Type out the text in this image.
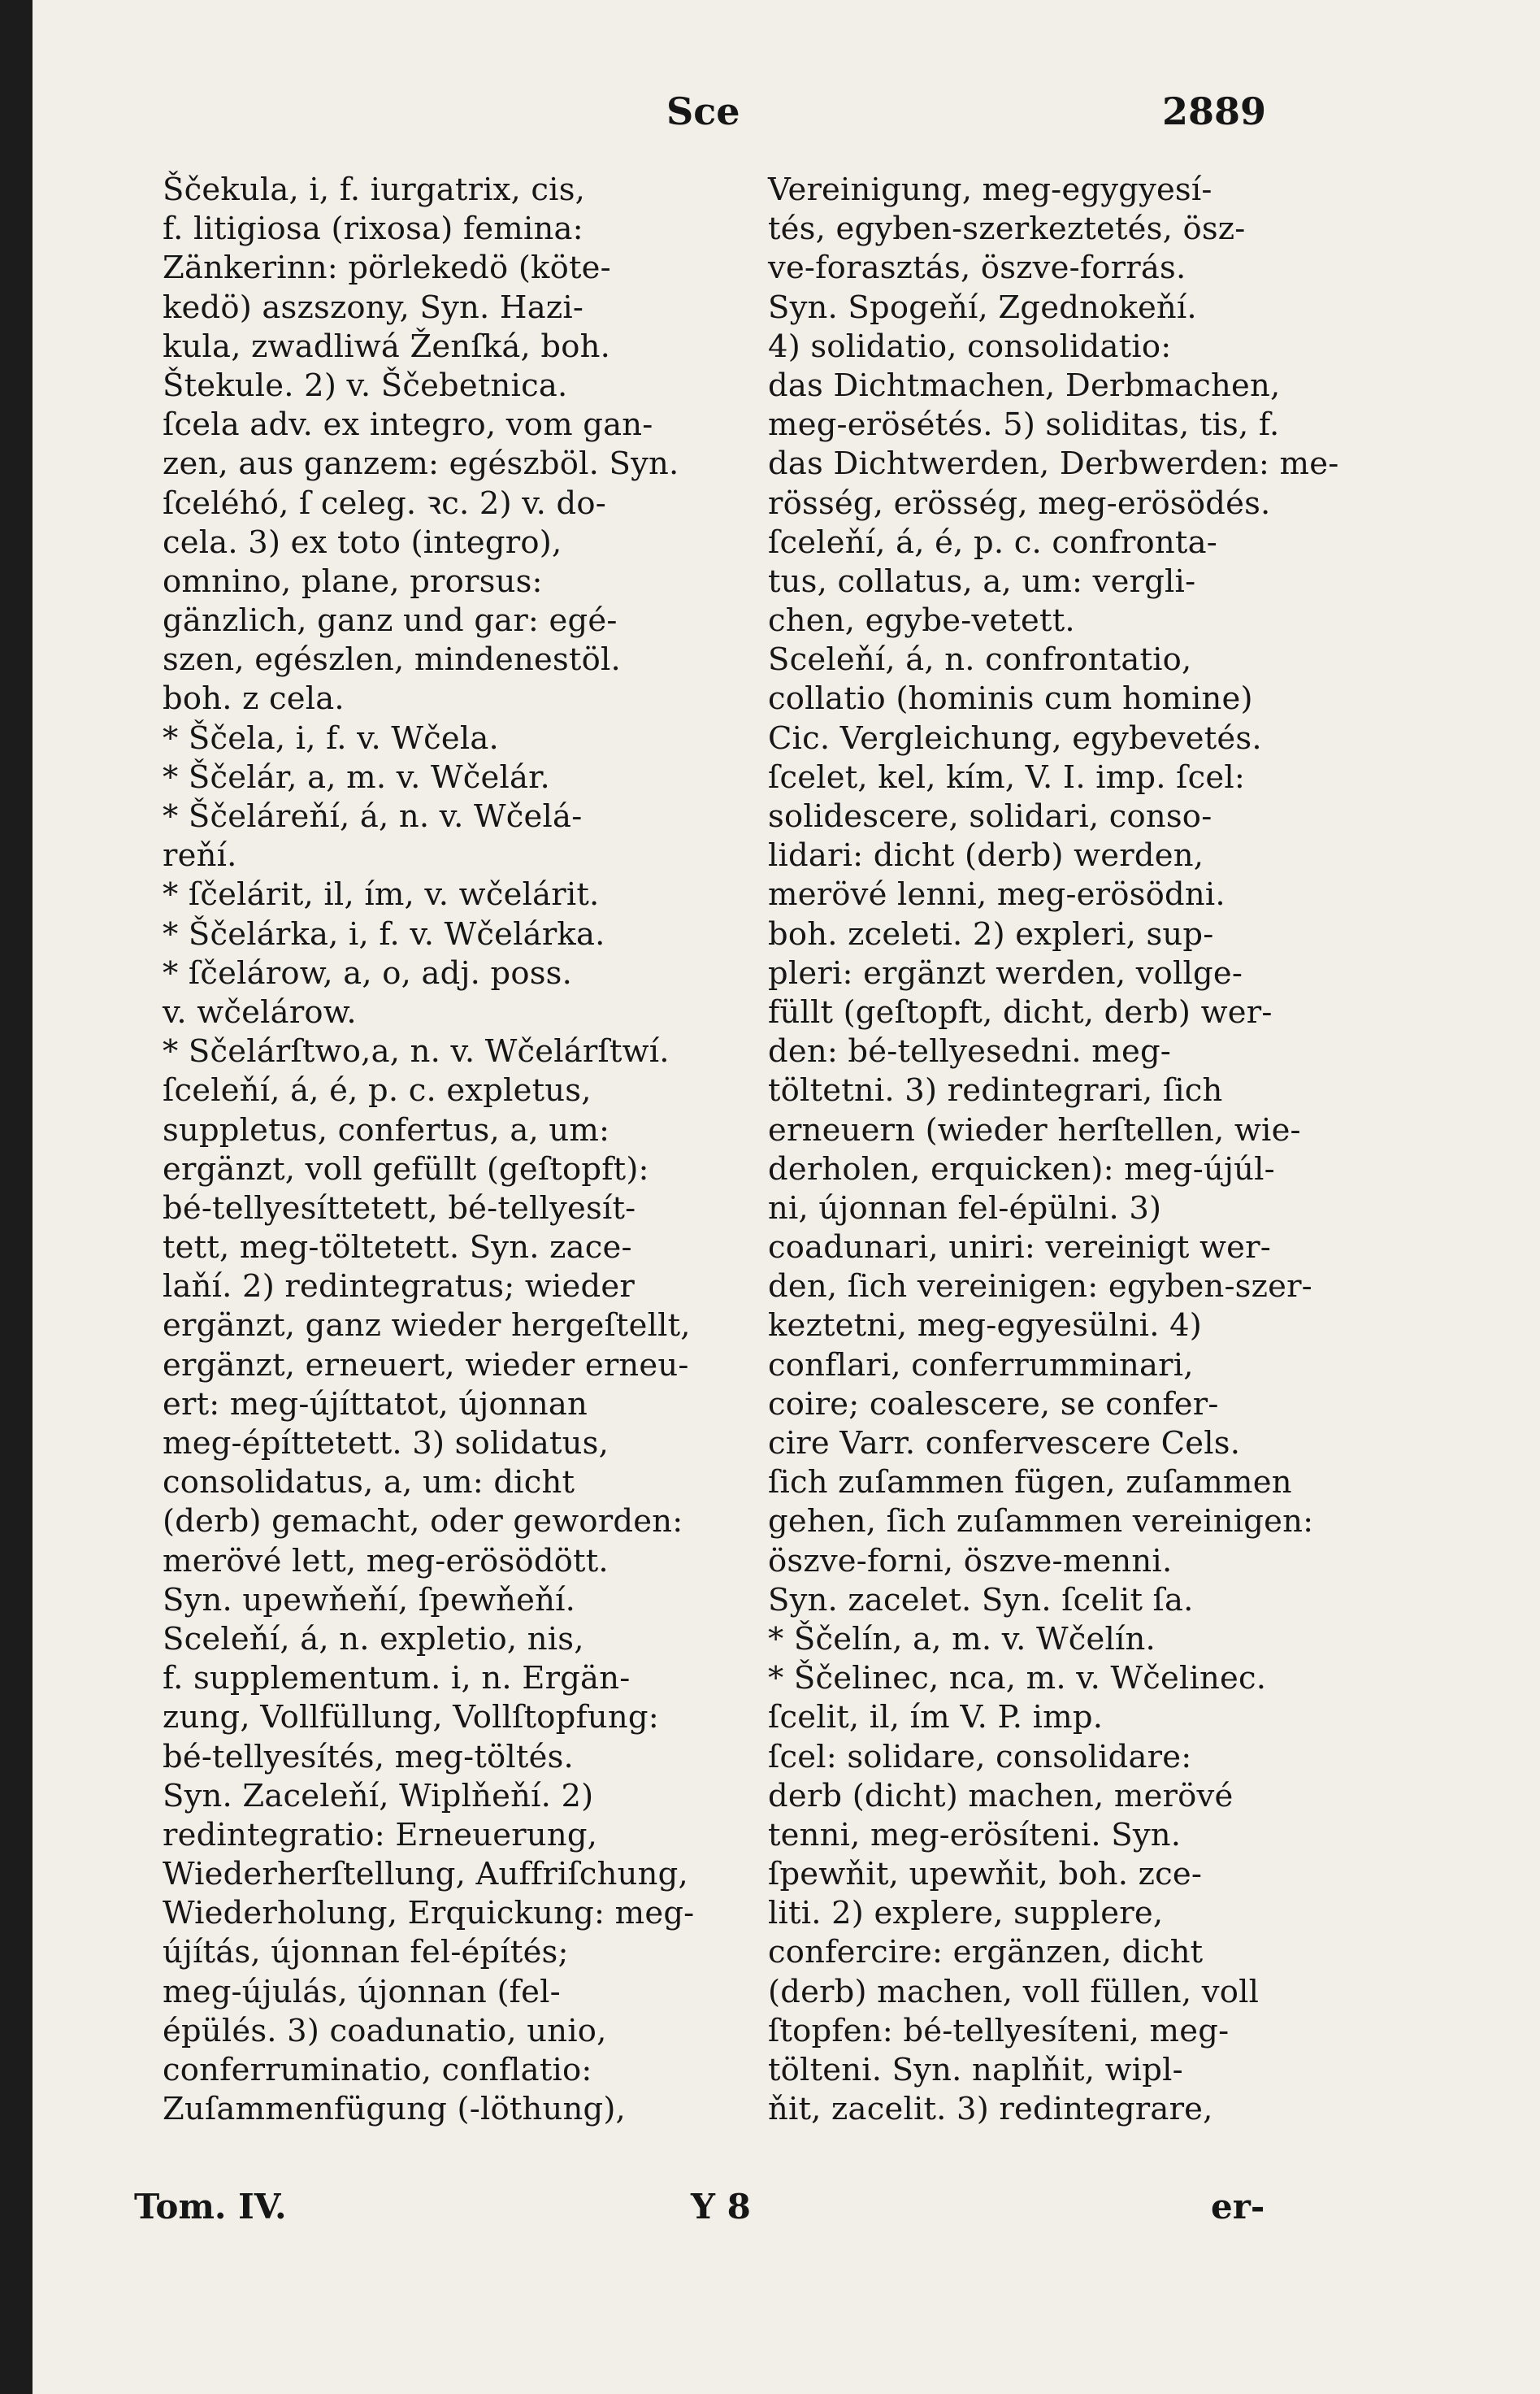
Sce	2889
Ščekula, i, f. iurgatrix, cis,
f. litigiosa (rixosa) femina:
Zänkerinn: pörlekedö (köte-
kedö) aszszony, Syn. Hazi-
kula, zwadliwá Ženſká, boh.
Štekule. 2) v. Ščebetnica.
ſcela adv. ex integro, vom gan-
zen, aus ganzem: egészböl. Syn.
ſceléhó, ſ celeg. ꝛc. 2) v. do-
cela. 3) ex toto (integro),
omnino, plane, prorsus:
gänzlich, ganz und gar: egé-
szen, egészlen, mindenestöl.
boh. z cela.
* Ščela, i, f. v. Wčela.
* Ščelár, a, m. v. Wčelár.
* Ščeláreňí, á, n. v. Wčelá-
reňí.
* ſčelárit, il, ím, v. wčelárit.
* Ščelárka, i, f. v. Wčelárka.
* ſčelárow, a, o, adj. poss.
v. wčelárow.
* Sčelárſtwo,a, n. v. Wčelárſtwí.
ſceleňí, á, é, p. c. expletus,
suppletus, confertus, a, um:
ergänzt, voll gefüllt (geſtopft):
bé-tellyesíttetett, bé-tellyesít-
tett, meg-töltetett. Syn. zace-
laňí. 2) redintegratus; wieder
ergänzt, ganz wieder hergeſtellt,
ergänzt, erneuert, wieder erneu-
ert: meg-újíttatot, újonnan
meg-építtetett. 3) solidatus,
consolidatus, a, um: dicht
(derb) gemacht, oder geworden:
merövé lett, meg-erösödött.
Syn. upewňeňí, ſpewňeňí.
Sceleňí, á, n. expletio, nis,
f. supplementum. i, n. Ergän-
zung, Vollfüllung, Vollſtopfung:
bé-tellyesítés, meg-töltés.
Syn. Zaceleňí, Wiplňeňí. 2)
redintegratio: Erneuerung,
Wiederherſtellung, Auffriſchung,
Wiederholung, Erquickung: meg-
újítás, újonnan fel-építés;
meg-újulás, újonnan (fel-
épülés. 3) coadunatio, unio,
conferruminatio, conflatio:
Zuſammenfügung (-löthung),
Vereinigung, meg-egygyesí-
tés, egyben-szerkeztetés, ösz-
ve-forasztás, öszve-forrás.
Syn. Spogeňí, Zgednokeňí.
4) solidatio, consolidatio:
das Dichtmachen, Derbmachen,
meg-erösétés. 5) soliditas, tis, f.
das Dichtwerden, Derbwerden: me-
rösség, erösség, meg-erösödés.
ſceleňí, á, é, p. c. confronta-
tus, collatus, a, um: vergli-
chen, egybe-vetett.
Sceleňí, á, n. confrontatio,
collatio (hominis cum homine)
Cic. Vergleichung, egybevetés.
ſcelet, kel, kím, V. I. imp. ſcel:
solidescere, solidari, conso-
lidari: dicht (derb) werden,
merövé lenni, meg-erösödni.
boh. zceleti. 2) expleri, sup-
pleri: ergänzt werden, vollge-
füllt (geſtopft, dicht, derb) wer-
den: bé-tellyesedni. meg-
töltetni. 3) redintegrari, ſich
erneuern (wieder herſtellen, wie-
derholen, erquicken): meg-újúl-
ni, újonnan fel-épülni. 3)
coadunari, uniri: vereinigt wer-
den, ſich vereinigen: egyben-szer-
keztetni, meg-egyesülni. 4)
conflari, conferrumminari,
coire; coalescere, se confer-
cire Varr. confervescere Cels.
ſich zuſammen fügen, zuſammen
gehen, ſich zuſammen vereinigen:
öszve-forni, öszve-menni.
Syn. zacelet. Syn. ſcelit ſa.
* Ščelín, a, m. v. Wčelín.
* Ščelinec, nca, m. v. Wčelinec.
ſcelit, il, ím V. P. imp.
ſcel: solidare, consolidare:
derb (dicht) machen, merövé
tenni, meg-erösíteni. Syn.
ſpewňit, upewňit, boh. zce-
liti. 2) explere, supplere,
confercire: ergänzen, dicht
(derb) machen, voll füllen, voll
ſtopfen: bé-tellyesíteni, meg-
tölteni. Syn. naplňit, wipl-
ňit, zacelit. 3) redintegrare,
Tom. IV.	Y 8	er-
